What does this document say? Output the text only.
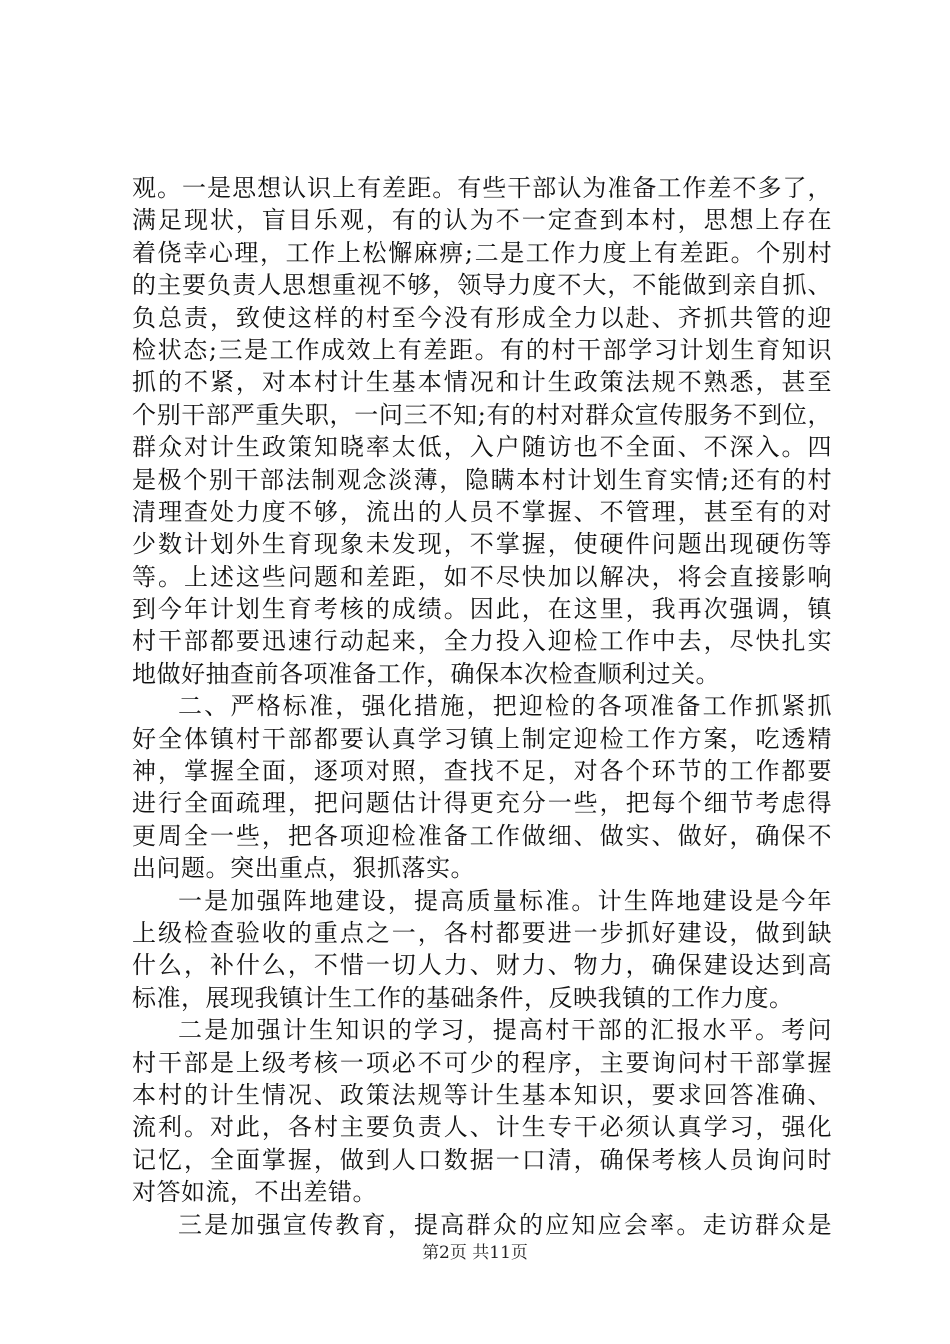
观。一是思想认识上有差距。有些干部认为准备工作差不多了，
满足现状，盲目乐观，有的认为不一定查到本村，思想上存在
着侥幸心理，工作上松懈麻痹;二是工作力度上有差距。个别村
的主要负责人思想重视不够，领导力度不大，不能做到亲自抓、
负总责，致使这样的村至今没有形成全力以赴、齐抓共管的迎
检状态;三是工作成效上有差距。有的村干部学习计划生育知识
抓的不紧，对本村计生基本情况和计生政策法规不熟悉，甚至
个别干部严重失职，一问三不知;有的村对群众宣传服务不到位，
群众对计生政策知晓率太低，入户随访也不全面、不深入。四
是极个别干部法制观念淡薄，隐瞒本村计划生育实情;还有的村
清理查处力度不够，流出的人员不掌握、不管理，甚至有的对
少数计划外生育现象未发现，不掌握，使硬件问题出现硬伤等
等。上述这些问题和差距，如不尽快加以解决，将会直接影响
到今年计划生育考核的成绩。因此，在这里，我再次强调，镇
村干部都要迅速行动起来，全力投入迎检工作中去，尽快扎实
地做好抽查前各项准备工作，确保本次检查顺利过关。
二、严格标准，强化措施，把迎检的各项准备工作抓紧抓
好全体镇村干部都要认真学习镇上制定迎检工作方案，吃透精
神，掌握全面，逐项对照，查找不足，对各个环节的工作都要
进行全面疏理，把问题估计得更充分一些，把每个细节考虑得
更周全一些，把各项迎检准备工作做细、做实、做好，确保不
出问题。突出重点，狠抓落实。
一是加强阵地建设，提高质量标准。计生阵地建设是今年
上级检查验收的重点之一，各村都要进一步抓好建设，做到缺
什么，补什么，不惜一切人力、财力、物力，确保建设达到高
标准，展现我镇计生工作的基础条件，反映我镇的工作力度。
二是加强计生知识的学习，提高村干部的汇报水平。考问
村干部是上级考核一项必不可少的程序，主要询问村干部掌握
本村的计生情况、政策法规等计生基本知识，要求回答准确、
流利。对此，各村主要负责人、计生专干必须认真学习，强化
记忆，全面掌握，做到人口数据一口清，确保考核人员询问时
对答如流，不出差错。
三是加强宣传教育，提高群众的应知应会率。走访群众是
第2页 共11页
